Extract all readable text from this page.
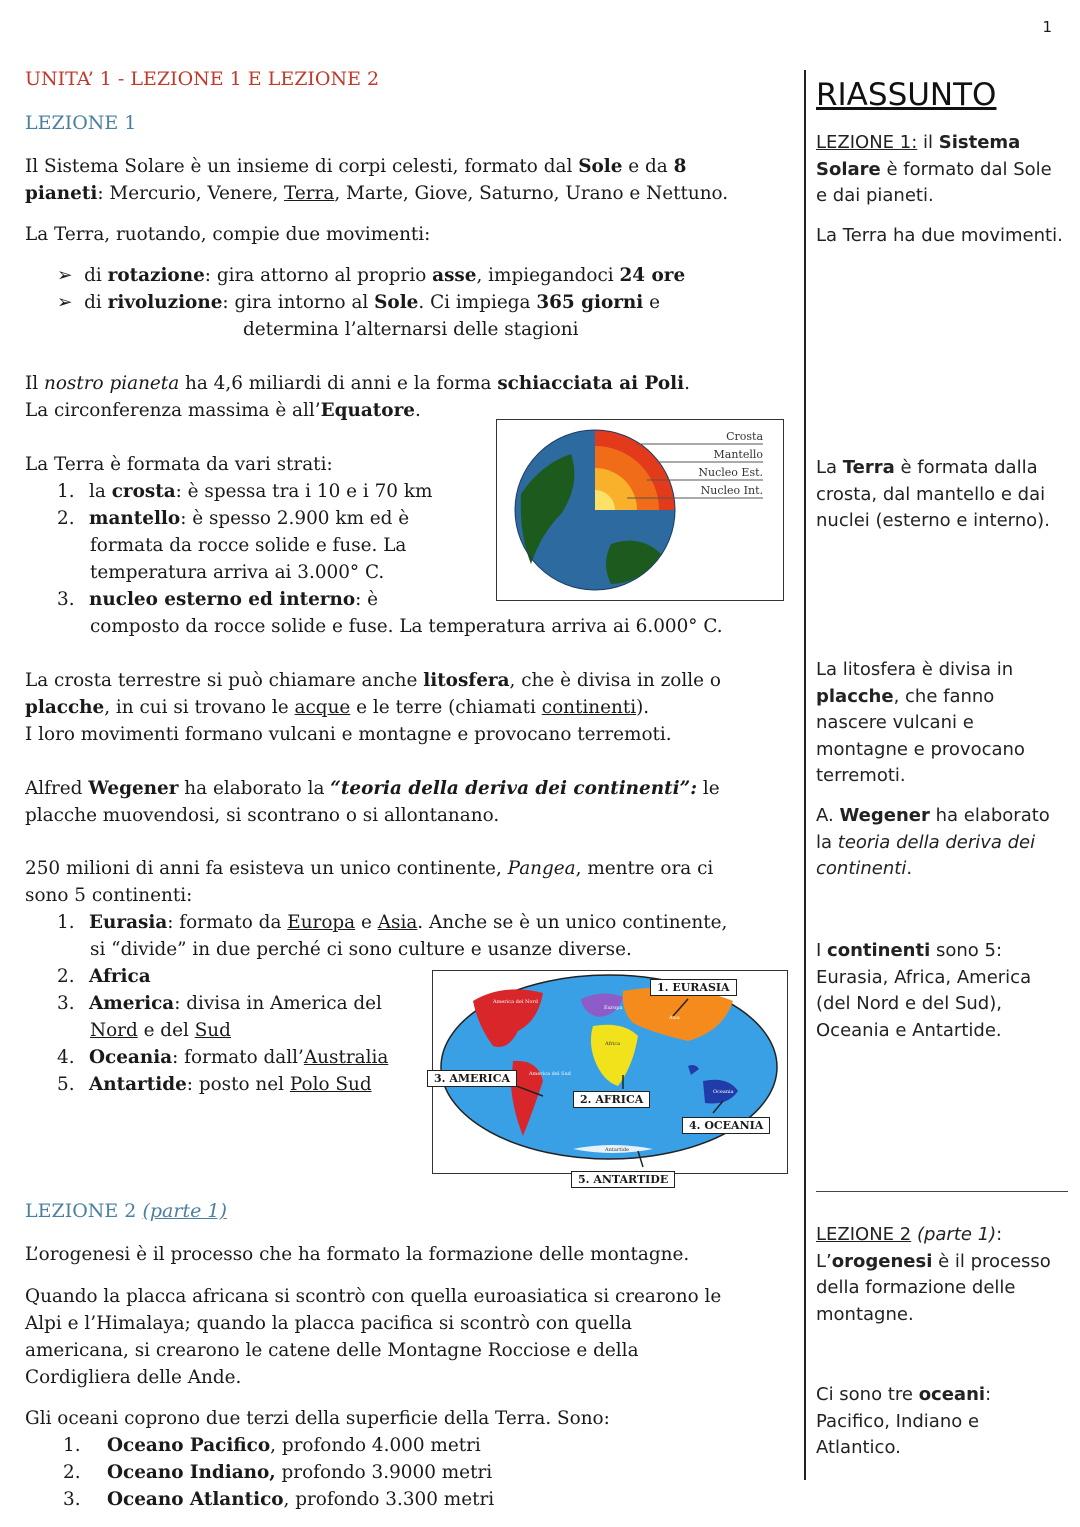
1

UNITA’ 1 - LEZIONE 1 E LEZIONE 2

LEZIONE 1

Il Sistema Solare è un insieme di corpi celesti, formato dal Sole e da 8
pianeti: Mercurio, Venere, Terra, Marte, Giove, Saturno, Urano e Nettuno.

La Terra, ruotando, compie due movimenti:

➢ di rotazione: gira attorno al proprio asse, impiegandoci 24 ore

➢ di rivoluzione: gira intorno al Sole. Ci impiega 365 giorni e

determina l’alternarsi delle stagioni

Il nostro pianeta ha 4,6 miliardi di anni e la forma schiacciata ai Poli.
La circonferenza massima è all’Equatore.

La Terra è formata da vari strati:

1. la crosta: è spessa tra i 10 e i 70 km

2. mantello: è spesso 2.900 km ed è

formata da rocce solide e fuse. La

temperatura arriva ai 3.000° C.

3. nucleo esterno ed interno: è

composto da rocce solide e fuse. La temperatura arriva ai 6.000° C.

La crosta terrestre si può chiamare anche litosfera, che è divisa in zolle o
placche, in cui si trovano le acque e le terre (chiamati continenti).
I loro movimenti formano vulcani e montagne e provocano terremoti.

Alfred Wegener ha elaborato la “teoria della deriva dei continenti”: le
placche muovendosi, si scontrano o si allontanano.

250 milioni di anni fa esisteva un unico continente, Pangea, mentre ora ci
sono 5 continenti:

1. Eurasia: formato da Europa e Asia. Anche se è un unico continente,

si “divide” in due perché ci sono culture e usanze diverse.

2. Africa

3. America: divisa in America del

Nord e del Sud

4. Oceania: formato dall’Australia

5. Antartide: posto nel Polo Sud

LEZIONE 2 (parte 1)

L’orogenesi è il processo che ha formato la formazione delle montagne.

Quando la placca africana si scontrò con quella euroasiatica si crearono le
Alpi e l’Himalaya; quando la placca pacifica si scontrò con quella
americana, si crearono le catene delle Montagne Rocciose e della
Cordigliera delle Ande.

Gli oceani coprono due terzi della superficie della Terra. Sono:

1. Oceano Pacifico, profondo 4.000 metri

2. Oceano Indiano, profondo 3.9000 metri

3. Oceano Atlantico, profondo 3.300 metri

Crosta
Mantello
Nucleo Est.
Nucleo Int.
America del Nord
Europa
Asia
Africa
America del Sud
Oceania
Antartide
1. EURASIA
2. AFRICA
3. AMERICA
4. OCEANIA
5. ANTARTIDE

RIASSUNTO

LEZIONE 1: il Sistema Solare è formato dal Sole e dai pianeti.

La Terra ha due movimenti.

La Terra è formata dalla crosta, dal mantello e dai nuclei (esterno e interno).

La litosfera è divisa in placche, che fanno nascere vulcani e montagne e provocano terremoti.

A. Wegener ha elaborato la teoria della deriva dei continenti.

I continenti sono 5: Eurasia, Africa, America (del Nord e del Sud), Oceania e Antartide.

LEZIONE 2 (parte 1):
L’orogenesi è il processo della formazione delle montagne.

Ci sono tre oceani: Pacifico, Indiano e Atlantico.
